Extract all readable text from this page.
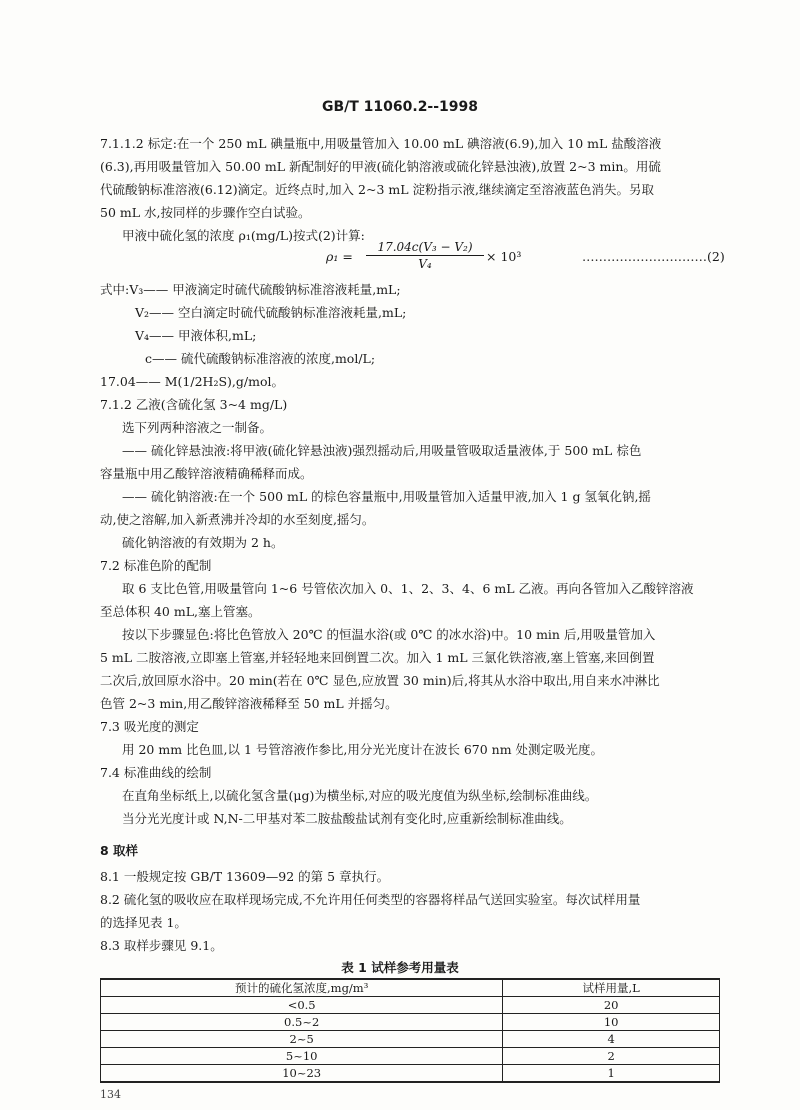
GB/T 11060.2--1998
7.1.1.2 标定:在一个 250 mL 碘量瓶中,用吸量管加入 10.00 mL 碘溶液(6.9),加入 10 mL 盐酸溶液
(6.3),再用吸量管加入 50.00 mL 新配制好的甲液(硫化钠溶液或硫化锌悬浊液),放置 2~3 min。用硫
代硫酸钠标准溶液(6.12)滴定。近终点时,加入 2~3 mL 淀粉指示液,继续滴定至溶液蓝色消失。另取
50 mL 水,按同样的步骤作空白试验。
甲液中硫化氢的浓度 ρ₁(mg/L)按式(2)计算:
$\rho_1 = \frac{\text{17.04c(V₃ − V₂)}}{\text{V₄}} \times 10^3$	…………………………(2)
式中:V₃—— 甲液滴定时硫代硫酸钠标准溶液耗量,mL;
V₂—— 空白滴定时硫代硫酸钠标准溶液耗量,mL;
V₄—— 甲液体积,mL;
c—— 硫代硫酸钠标准溶液的浓度,mol/L;
17.04—— M(1/2H₂S),g/mol。
7.1.2 乙液(含硫化氢 3~4 mg/L)
选下列两种溶液之一制备。
—— 硫化锌悬浊液:将甲液(硫化锌悬浊液)强烈摇动后,用吸量管吸取适量液体,于 500 mL 棕色
容量瓶中用乙酸锌溶液精确稀释而成。
—— 硫化钠溶液:在一个 500 mL 的棕色容量瓶中,用吸量管加入适量甲液,加入 1 g 氢氧化钠,摇
动,使之溶解,加入新煮沸并冷却的水至刻度,摇匀。
硫化钠溶液的有效期为 2 h。
7.2 标准色阶的配制
取 6 支比色管,用吸量管向 1~6 号管依次加入 0、1、2、3、4、6 mL 乙液。再向各管加入乙酸锌溶液
至总体积 40 mL,塞上管塞。
按以下步骤显色:将比色管放入 20℃ 的恒温水浴(或 0℃ 的冰水浴)中。10 min 后,用吸量管加入
5 mL 二胺溶液,立即塞上管塞,并轻轻地来回倒置二次。加入 1 mL 三氯化铁溶液,塞上管塞,来回倒置
二次后,放回原水浴中。20 min(若在 0℃ 显色,应放置 30 min)后,将其从水浴中取出,用自来水冲淋比
色管 2~3 min,用乙酸锌溶液稀释至 50 mL 并摇匀。
7.3 吸光度的测定
用 20 mm 比色皿,以 1 号管溶液作参比,用分光光度计在波长 670 nm 处测定吸光度。
7.4 标准曲线的绘制
在直角坐标纸上,以硫化氢含量(μg)为横坐标,对应的吸光度值为纵坐标,绘制标准曲线。
当分光光度计或 N,N-二甲基对苯二胺盐酸盐试剂有变化时,应重新绘制标准曲线。
8 取样
8.1 一般规定按 GB/T 13609—92 的第 5 章执行。
8.2 硫化氢的吸收应在取样现场完成,不允许用任何类型的容器将样品气送回实验室。每次试样用量
的选择见表 1。
8.3 取样步骤见 9.1。
表 1 试样参考用量表
预计的硫化氢浓度,mg/m³	试样用量,L
<0.5	20
0.5~2	10
2~5	4
5~10	2
10~23	1
134
